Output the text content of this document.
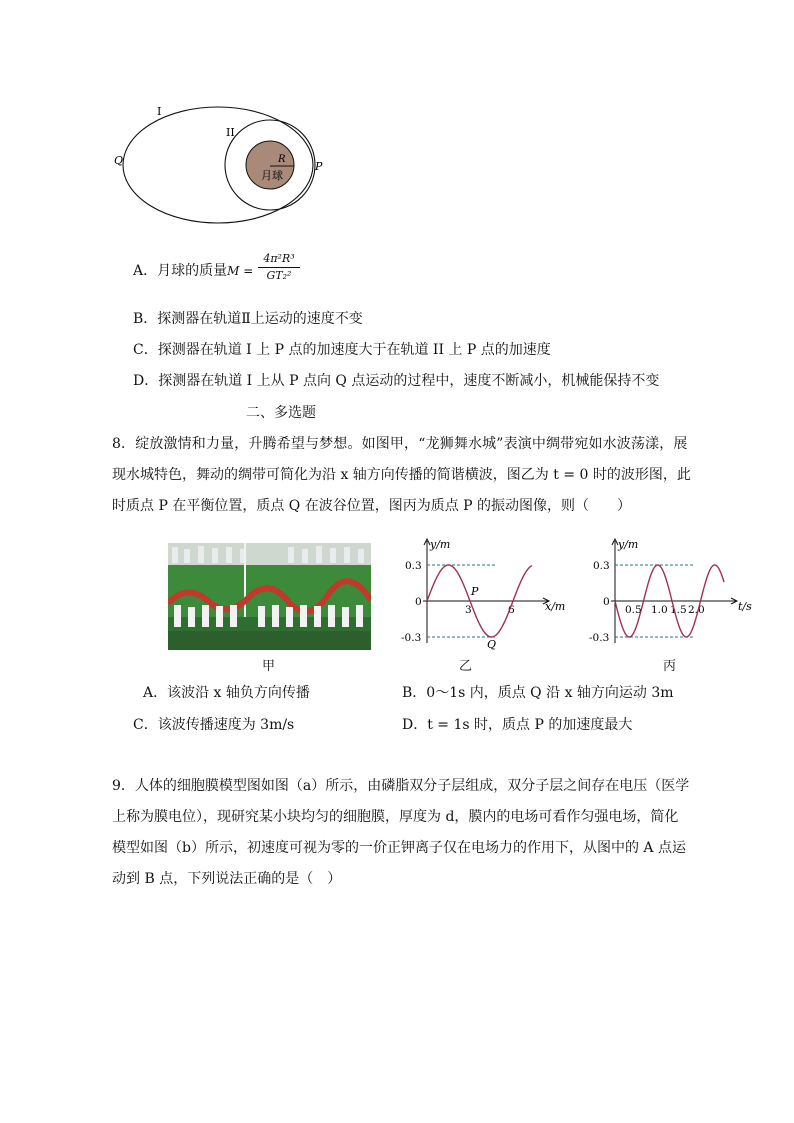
I
II
Q	P
R
月球
A．月球的质量$M = \frac{\text{4π²R³}}{\text{GT₂²}}$
B．探测器在轨道Ⅱ上运动的速度不变
C．探测器在轨道 I 上 P 点的加速度大于在轨道 II 上 P 点的加速度
D．探测器在轨道 I 上从 P 点向 Q 点运动的过程中，速度不断减小，机械能保持不变
二、多选题
8．绽放激情和力量，升腾希望与梦想。如图甲，“龙狮舞水城”表演中绸带宛如水波荡漾，展
现水城特色，舞动的绸带可简化为沿 x 轴方向传播的简谐横波，图乙为 t = 0 时的波形图，此
时质点 P 在平衡位置，质点 Q 在波谷位置，图丙为质点 P 的振动图像，则（　　）
y/m
x/m
0.3
0
-0.3
3	6
P
Q
y/m
t/s
0.3
0
-0.3
0.5 1.0 1.5 2.0
甲	乙	丙
A．该波沿 x 轴负方向传播	B．0～1s 内，质点 Q 沿 x 轴方向运动 3m
C．该波传播速度为 3m/s	D．t = 1s 时，质点 P 的加速度最大
9．人体的细胞膜模型图如图（a）所示，由磷脂双分子层组成，双分子层之间存在电压（医学
上称为膜电位），现研究某小块均匀的细胞膜，厚度为 d，膜内的电场可看作匀强电场，简化
模型如图（b）所示，初速度可视为零的一价正钾离子仅在电场力的作用下，从图中的 A 点运
动到 B 点，下列说法正确的是（　）
